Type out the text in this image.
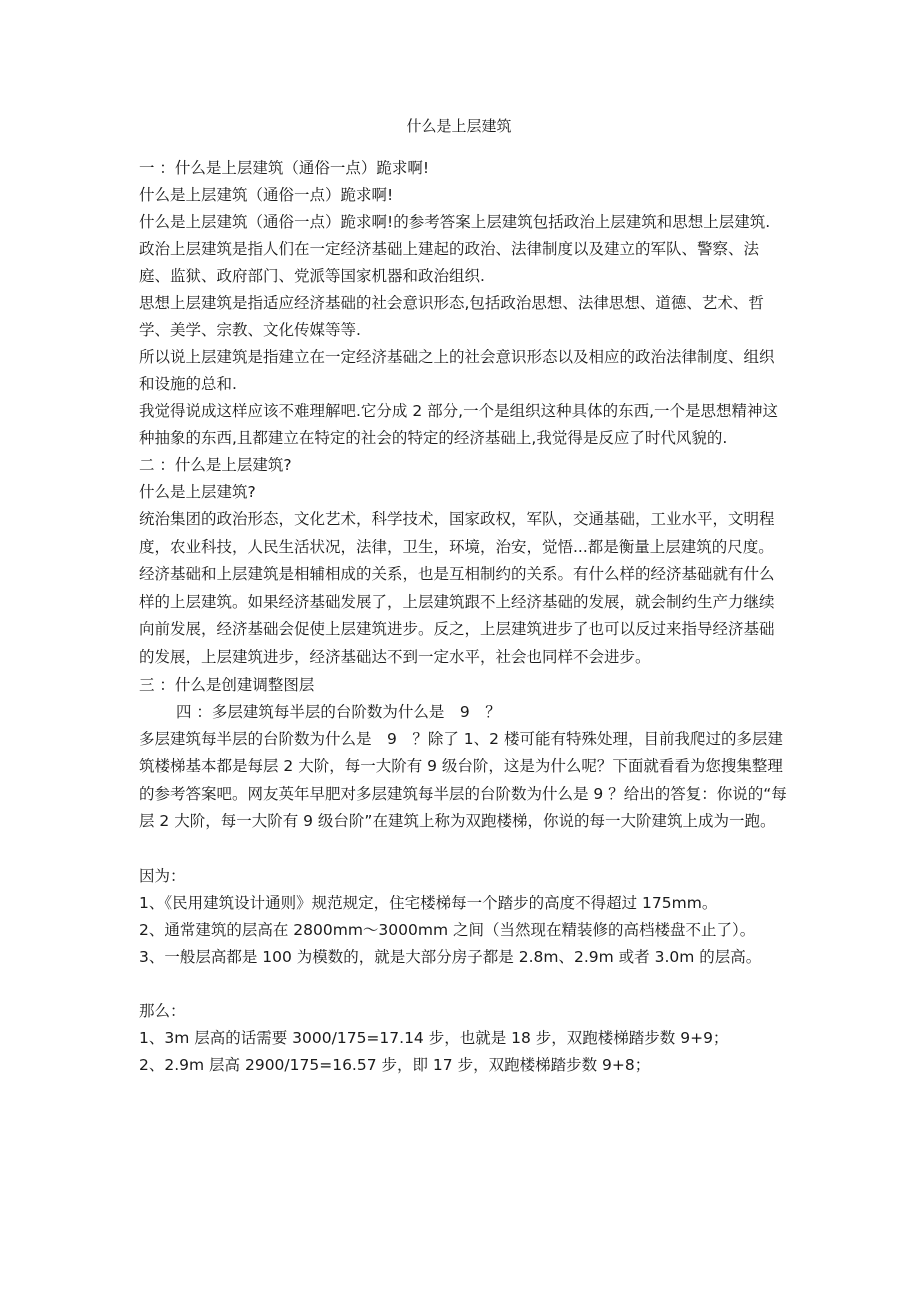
什么是上层建筑

一 ：什么是上层建筑（通俗一点）跪求啊!

什么是上层建筑（通俗一点）跪求啊!

什么是上层建筑（通俗一点）跪求啊!的参考答案上层建筑包括政治上层建筑和思想上层建筑.

政治上层建筑是指人们在一定经济基础上建起的政治、法律制度以及建立的军队、警察、法庭、监狱、政府部门、党派等国家机器和政治组织.

思想上层建筑是指适应经济基础的社会意识形态,包括政治思想、法律思想、道德、艺术、哲学、美学、宗教、文化传媒等等.

所以说上层建筑是指建立在一定经济基础之上的社会意识形态以及相应的政治法律制度、组织和设施的总和.

我觉得说成这样应该不难理解吧.它分成 2 部分,一个是组织这种具体的东西,一个是思想精神这种抽象的东西,且都建立在特定的社会的特定的经济基础上,我觉得是反应了时代风貌的.

二 ：什么是上层建筑?

什么是上层建筑?

统治集团的政治形态，文化艺术，科学技术，国家政权，军队，交通基础，工业水平，文明程度，农业科技，人民生活状况，法律，卫生，环境，治安，觉悟...都是衡量上层建筑的尺度。经济基础和上层建筑是相辅相成的关系，也是互相制约的关系。有什么样的经济基础就有什么样的上层建筑。如果经济基础发展了，上层建筑跟不上经济基础的发展，就会制约生产力继续向前发展，经济基础会促使上层建筑进步。反之，上层建筑进步了也可以反过来指导经济基础的发展，上层建筑进步，经济基础达不到一定水平，社会也同样不会进步。

三 ：什么是创建调整图层

四 ：多层建筑每半层的台阶数为什么是　9　？

多层建筑每半层的台阶数为什么是　9　？除了 1、2 楼可能有特殊处理，目前我爬过的多层建筑楼梯基本都是每层 2 大阶，每一大阶有 9 级台阶，这是为什么呢？下面就看看为您搜集整理的参考答案吧。网友英年早肥对多层建筑每半层的台阶数为什么是 9 ？给出的答复：你说的“每层 2 大阶，每一大阶有 9 级台阶”在建筑上称为双跑楼梯，你说的每一大阶建筑上成为一跑。

因为：

1、《民用建筑设计通则》规范规定，住宅楼梯每一个踏步的高度不得超过 175mm。

2、通常建筑的层高在 2800mm～3000mm 之间（当然现在精装修的高档楼盘不止了）。

3、一般层高都是 100 为模数的，就是大部分房子都是 2.8m、2.9m 或者 3.0m 的层高。

那么：

1、3m 层高的话需要 3000/175=17.14 步，也就是 18 步，双跑楼梯踏步数 9+9；

2、2.9m 层高 2900/175=16.57 步，即 17 步，双跑楼梯踏步数 9+8；
